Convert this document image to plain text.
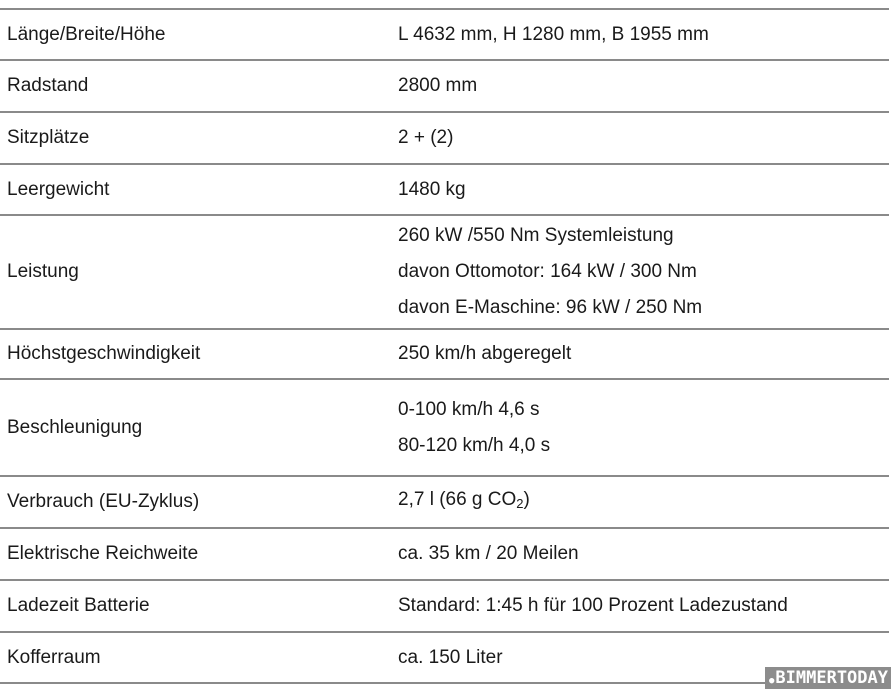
Länge/Breite/Höhe	L 4632 mm, H 1280 mm, B 1955 mm

Radstand	2800 mm

Sitzplätze	2 + (2)

Leergewicht	1480 kg

Leistung	260 kW /550 Nm Systemleistung
davon Ottomotor: 164 kW / 300 Nm
davon E-Maschine: 96 kW / 250 Nm

Höchstgeschwindigkeit	250 km/h abgeregelt

Beschleunigung	0-100 km/h 4,6 s
80-120 km/h 4,0 s

Verbrauch (EU-Zyklus)	2,7 l (66 g $CO_2$)

Elektrische Reichweite	ca. 35 km / 20 Meilen

Ladezeit Batterie	Standard: 1:45 h für 100 Prozent Ladezustand

Kofferraum	ca. 150 Liter
● BIMMERTODAY
